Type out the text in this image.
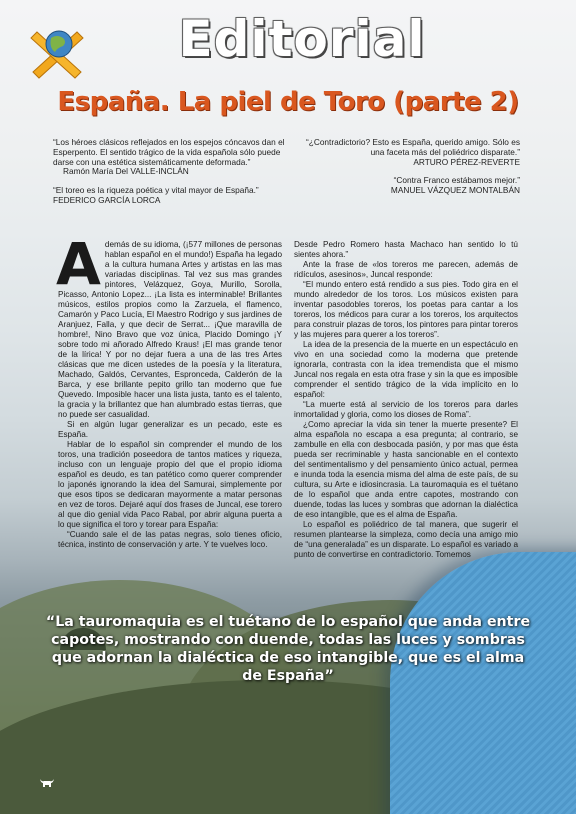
Editorial
España. La piel de Toro (parte 2)
“Los héroes clásicos reflejados en los espejos cóncavos dan el Esperpento. El sentido trágico de la vida española sólo puede darse con una estética sistemáticamente deformada.”
Ramón María Del VALLE-INCLÁN
“El toreo es la riqueza poética y vital mayor de España.”
FEDERICO GARCÍA LORCA
“¿Contradictorio? Esto es España, querido amigo. Sólo es una faceta más del poliédrico disparate.”
ARTURO PÉREZ-REVERTE
“Contra Franco estábamos mejor.”
MANUEL VÁZQUEZ MONTALBÁN
A demás de su idioma, (¡577 millones de personas hablan español en el mundo!) España ha legado a la cultura humana Artes y artistas en las mas variadas disciplinas. Tal vez sus mas grandes pintores, Velázquez, Goya, Murillo, Sorolla, Picasso, Antonio Lopez... ¡La lista es interminable! Brillantes músicos, estilos propios como la Zarzuela, el flamenco, Camarón y Paco Lucía, El Maestro Rodrigo y sus jardines de Aranjuez, Falla, y que decir de Serrat... ¡Que maravilla de hombre!, Nino Bravo que voz única, Placido Domingo ¡Y sobre todo mi añorado Alfredo Kraus! ¡El mas grande tenor de la lírica! Y por no dejar fuera a una de las tres Artes clásicas que me dicen ustedes de la poesía y la literatura, Machado, Galdós, Cervantes, Espronceda, Calderón de la Barca, y ese brillante pepito grillo tan moderno que fue Quevedo. Imposible hacer una lista justa, tanto es el talento, la gracia y la brillantez que han alumbrado estas tierras, que no puede ser casualidad.

Si en algún lugar generalizar es un pecado, este es España.

Hablar de lo español sin comprender el mundo de los toros, una tradición poseedora de tantos matices y riqueza, incluso con un lenguaje propio del que el propio idioma español es deudo, es tan patético como querer comprender lo japonés ignorando la idea del Samurai, simplemente por que esos tipos se dedicaran mayormente a matar personas en vez de toros. Dejaré aquí dos frases de Juncal, ese torero al que dio genial vida Paco Rabal, por abrir alguna puerta a lo que significa el toro y torear para España:

“Cuando sale el de las patas negras, solo tienes oficio, técnica, instinto de conservación y arte. Y te vuelves loco.

Desde Pedro Romero hasta Machaco han sentido lo tú sientes ahora.”

Ante la frase de «los toreros me parecen, además de ridículos, asesinos», Juncal responde:

“El mundo entero está rendido a sus pies. Todo gira en el mundo alrededor de los toros. Los músicos existen para inventar pasodobles toreros, los poetas para cantar a los toreros, los médicos para curar a los toreros, los arquitectos para construir plazas de toros, los pintores para pintar toreros y las mujeres para querer a los toreros”.

La idea de la presencia de la muerte en un espectáculo en vivo en una sociedad como la moderna que pretende ignorarla, contrasta con la idea tremendista que el mismo Juncal nos regala en esta otra frase y sin la que es imposible comprender el sentido trágico de la vida implícito en lo español:

“La muerte está al servicio de los toreros para darles inmortalidad y gloria, como los dioses de Roma”.

¿Como apreciar la vida sin tener la muerte presente? El alma española no escapa a esa pregunta; al contrario, se zambulle en ella con desbocada pasión, y por mas que ésta pueda ser recriminable y hasta sancionable en el contexto del sentimentalismo y del pensamiento único actual, permea e inunda toda la esencia misma del alma de este país, de su cultura, su Arte e idiosincrasia. La tauromaquia es el tuétano de lo español que anda entre capotes, mostrando con duende, todas las luces y sombras que adornan la dialéctica de eso intangible, que es el alma de España.

Lo español es poliédrico de tal manera, que sugerir el resumen plantearse la simpleza, como decía una amigo mio de “una generalada” es un disparate. Lo español es variado a punto de convertirse en contradictorio. Tomemos

“La tauromaquia es el tuétano de lo español que anda entre capotes, mostrando con duende, todas las luces y sombras que adornan la dialéctica de eso intangible, que es el alma de España”
